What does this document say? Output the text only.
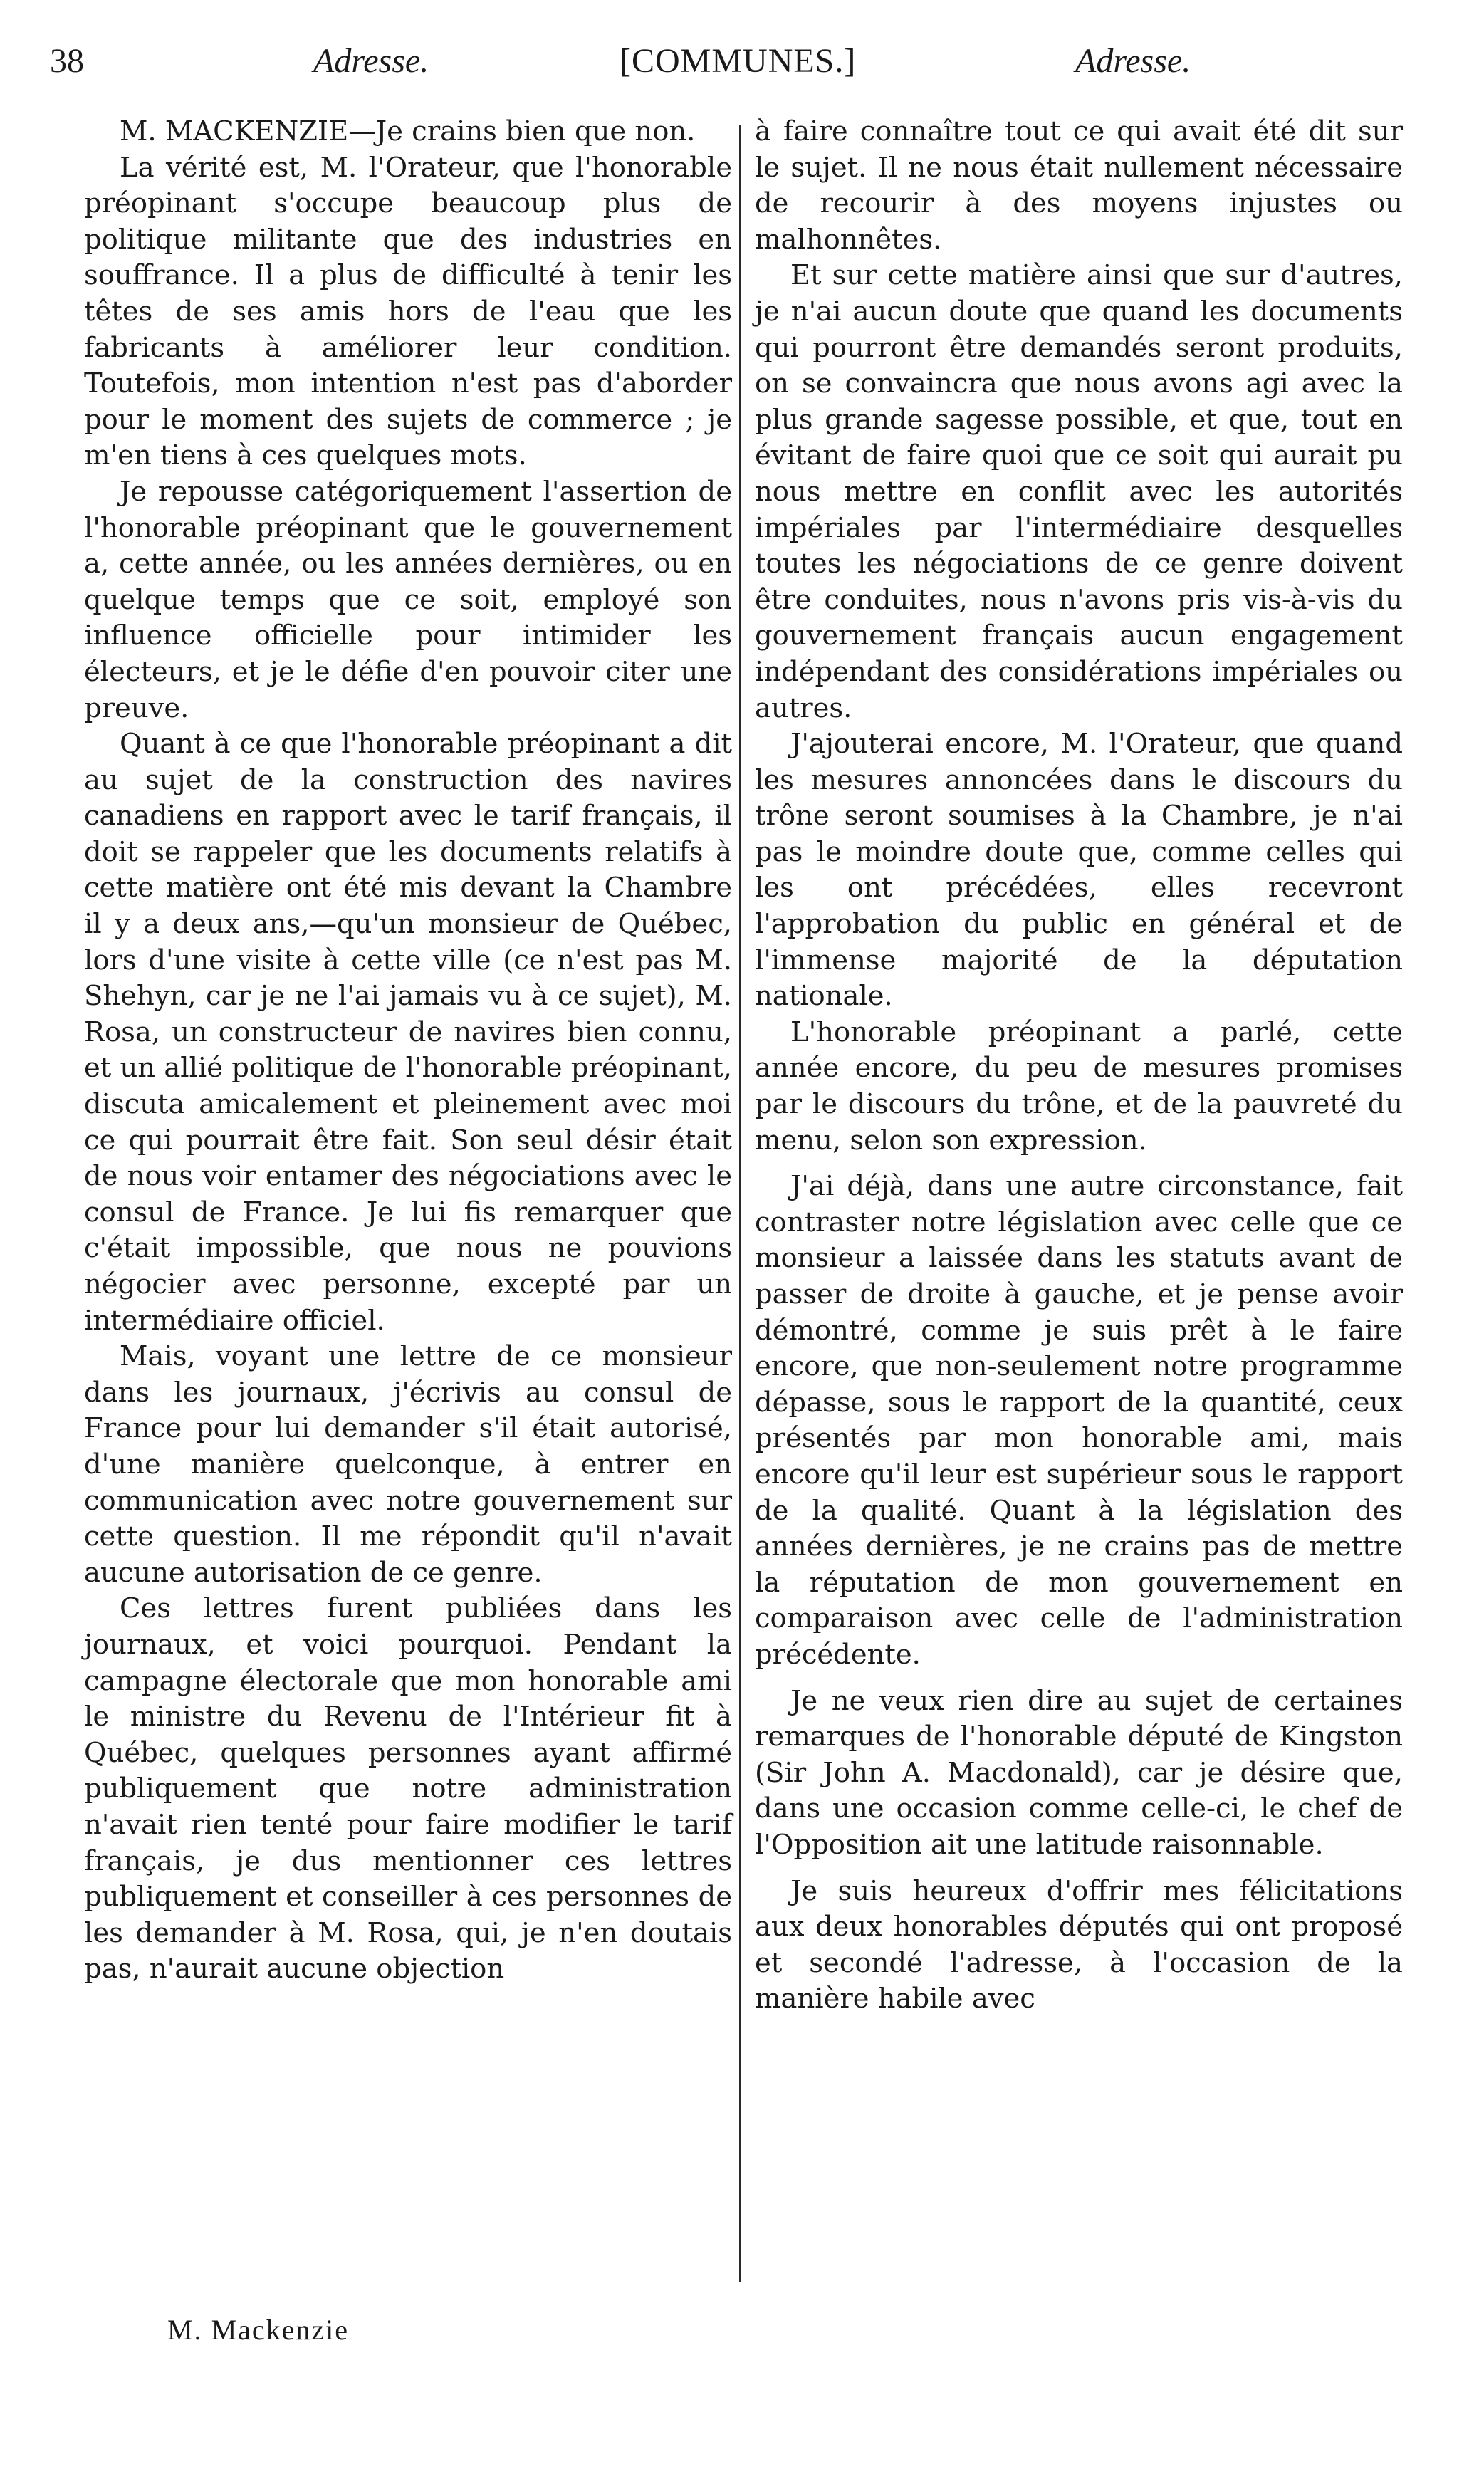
38	Adresse.	[COMMUNES.]	Adresse.

M. MACKENZIE—Je crains bien que non.

La vérité est, M. l'Orateur, que l'honorable préopinant s'occupe beaucoup plus de politique militante que des industries en souffrance. Il a plus de difficulté à tenir les têtes de ses amis hors de l'eau que les fabricants à améliorer leur condition. Toutefois, mon intention n'est pas d'aborder pour le moment des sujets de commerce ; je m'en tiens à ces quelques mots.

Je repousse catégoriquement l'assertion de l'honorable préopinant que le gouvernement a, cette année, ou les années dernières, ou en quelque temps que ce soit, employé son influence officielle pour intimider les électeurs, et je le défie d'en pouvoir citer une preuve.

Quant à ce que l'honorable préopinant a dit au sujet de la construction des navires canadiens en rapport avec le tarif français, il doit se rappeler que les documents relatifs à cette matière ont été mis devant la Chambre il y a deux ans,—qu'un monsieur de Québec, lors d'une visite à cette ville (ce n'est pas M. Shehyn, car je ne l'ai jamais vu à ce sujet), M. Rosa, un constructeur de navires bien connu, et un allié politique de l'honorable préopinant, discuta amicalement et pleinement avec moi ce qui pourrait être fait. Son seul désir était de nous voir entamer des négociations avec le consul de France. Je lui fis remarquer que c'était impossible, que nous ne pouvions négocier avec personne, excepté par un intermédiaire officiel.

Mais, voyant une lettre de ce monsieur dans les journaux, j'écrivis au consul de France pour lui demander s'il était autorisé, d'une manière quelconque, à entrer en communication avec notre gouvernement sur cette question. Il me répondit qu'il n'avait aucune autorisation de ce genre.

Ces lettres furent publiées dans les journaux, et voici pourquoi. Pendant la campagne électorale que mon honorable ami le ministre du Revenu de l'Intérieur fit à Québec, quelques personnes ayant affirmé publiquement que notre administration n'avait rien tenté pour faire modifier le tarif français, je dus mentionner ces lettres publiquement et conseiller à ces personnes de les demander à M. Rosa, qui, je n'en doutais pas, n'aurait aucune objection

à faire connaître tout ce qui avait été dit sur le sujet. Il ne nous était nullement nécessaire de recourir à des moyens injustes ou malhonnêtes.

Et sur cette matière ainsi que sur d'autres, je n'ai aucun doute que quand les documents qui pourront être demandés seront produits, on se convaincra que nous avons agi avec la plus grande sagesse possible, et que, tout en évitant de faire quoi que ce soit qui aurait pu nous mettre en conflit avec les autorités impériales par l'intermédiaire desquelles toutes les négociations de ce genre doivent être conduites, nous n'avons pris vis-à-vis du gouvernement français aucun engagement indépendant des considérations impériales ou autres.

J'ajouterai encore, M. l'Orateur, que quand les mesures annoncées dans le discours du trône seront soumises à la Chambre, je n'ai pas le moindre doute que, comme celles qui les ont précédées, elles recevront l'approbation du public en général et de l'immense majorité de la députation nationale.

L'honorable préopinant a parlé, cette année encore, du peu de mesures promises par le discours du trône, et de la pauvreté du menu, selon son expression.

J'ai déjà, dans une autre circonstance, fait contraster notre législation avec celle que ce monsieur a laissée dans les statuts avant de passer de droite à gauche, et je pense avoir démontré, comme je suis prêt à le faire encore, que non-seulement notre programme dépasse, sous le rapport de la quantité, ceux présentés par mon honorable ami, mais encore qu'il leur est supérieur sous le rapport de la qualité. Quant à la législation des années dernières, je ne crains pas de mettre la réputation de mon gouvernement en comparaison avec celle de l'administration précédente.

Je ne veux rien dire au sujet de certaines remarques de l'honorable député de Kingston (Sir John A. Macdonald), car je désire que, dans une occasion comme celle-ci, le chef de l'Opposition ait une latitude raisonnable.

Je suis heureux d'offrir mes félicitations aux deux honorables députés qui ont proposé et secondé l'adresse, à l'occasion de la manière habile avec

M. Mackenzie
